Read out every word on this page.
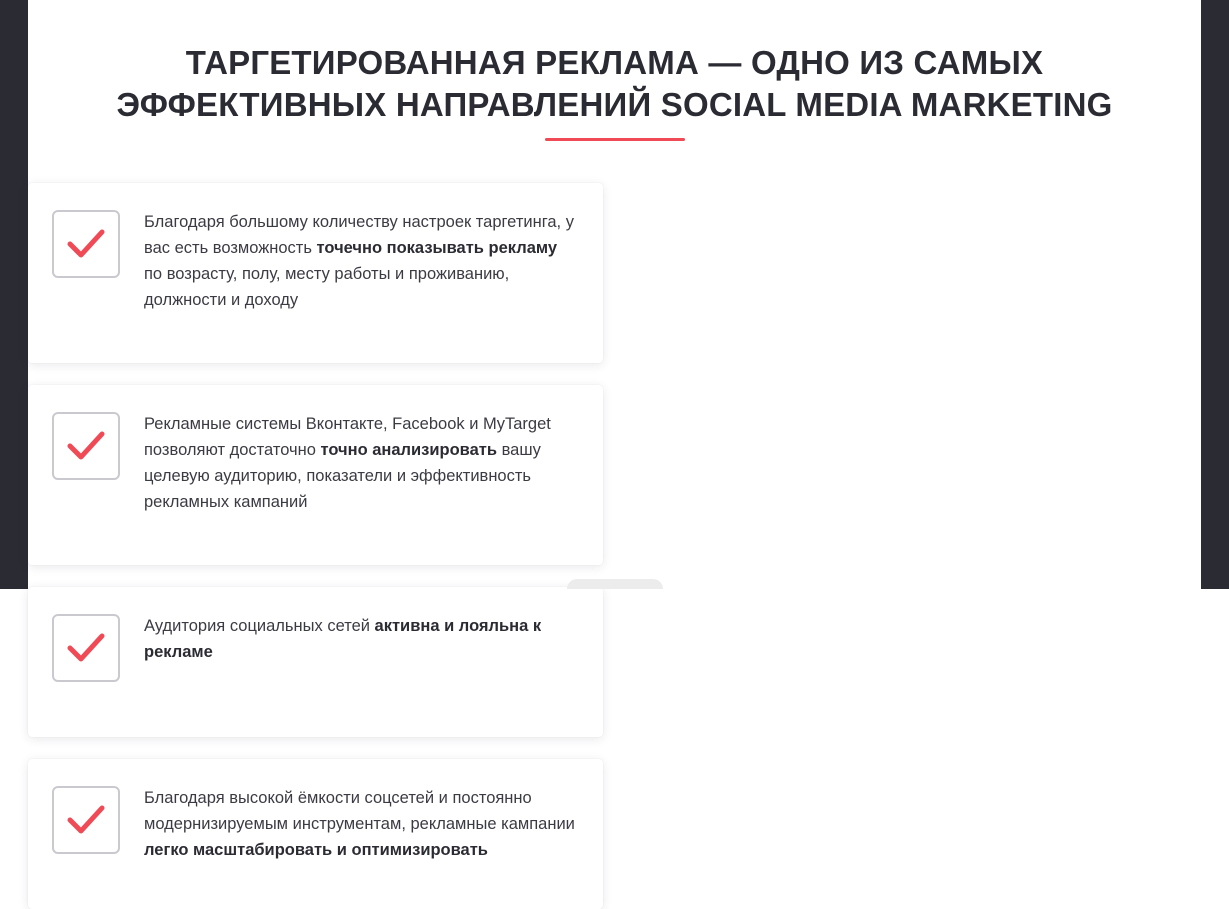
ТАРГЕТИРОВАННАЯ РЕКЛАМА — ОДНО ИЗ САМЫХ
ЭФФЕКТИВНЫХ НАПРАВЛЕНИЙ SOCIAL MEDIA MARKETING
Благодаря большому количеству настроек таргетинга, у вас есть возможность точечно показывать рекламу по возрасту, полу, месту работы и проживанию, должности и доходу
Рекламные системы Вконтакте, Facebook и MyTarget позволяют достаточно точно анализировать вашу целевую аудиторию, показатели и эффективность рекламных кампаний
Аудитория социальных сетей активна и лояльна к рекламе
Благодаря высокой ёмкости соцсетей и постоянно модернизируемым инструментам, рекламные кампании легко масштабировать и оптимизировать
